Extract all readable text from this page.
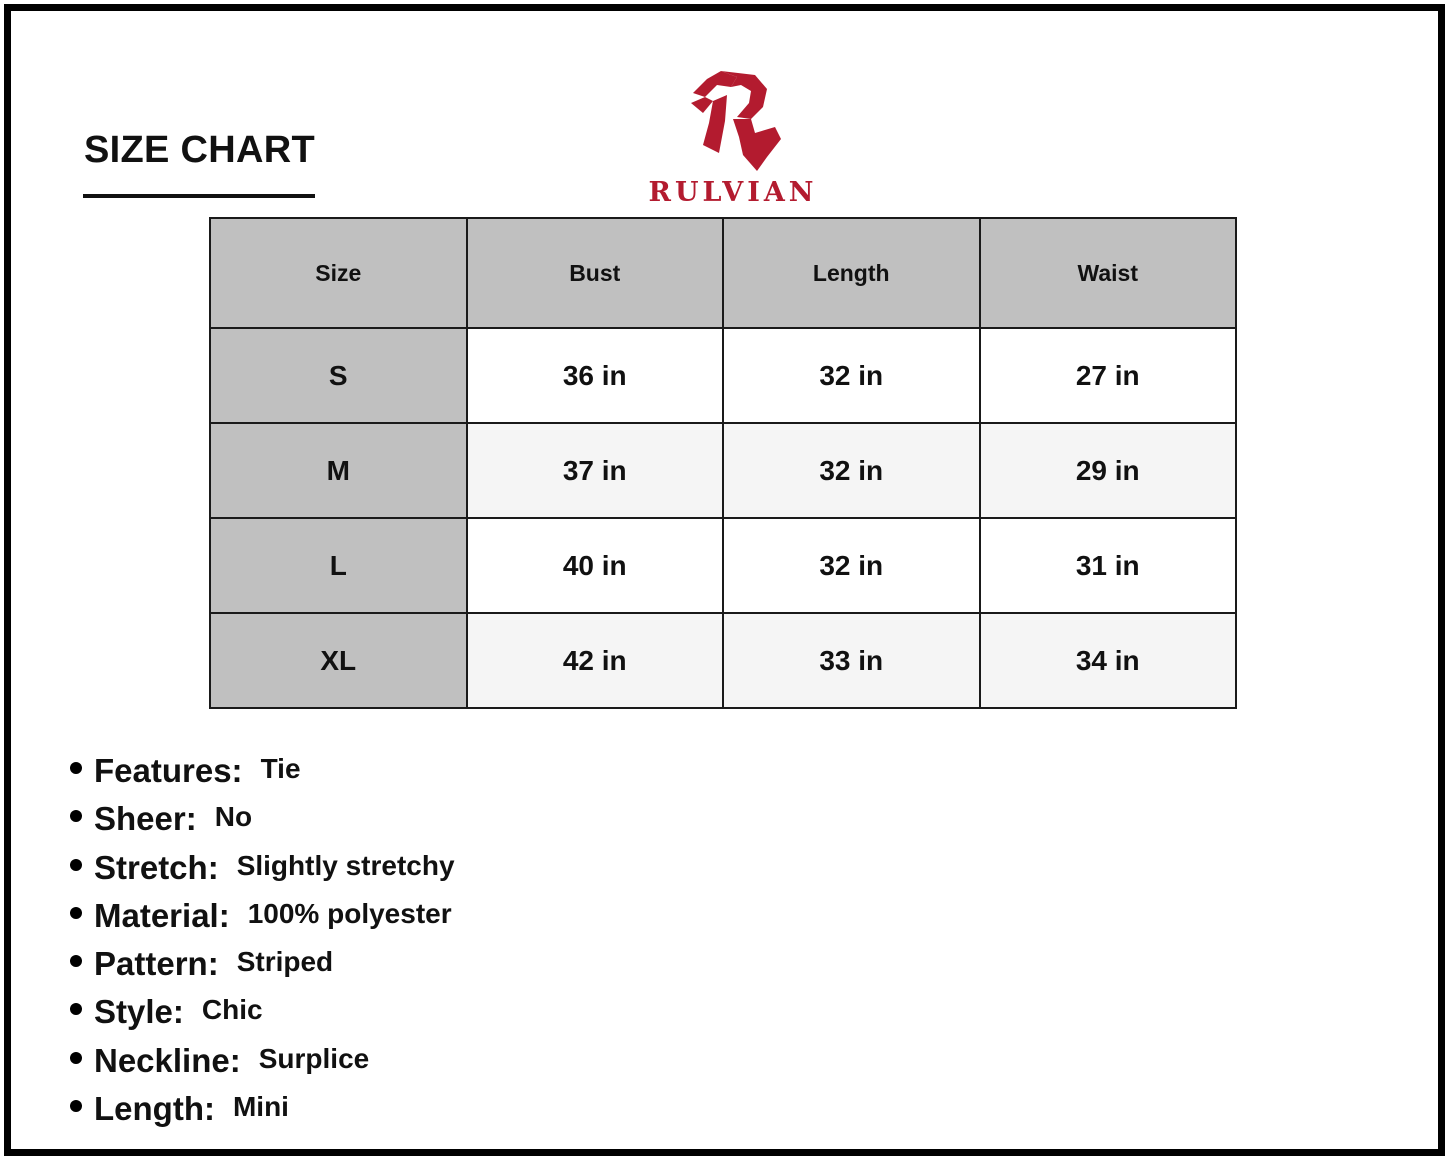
SIZE CHART
RULVIAN
Size	Bust	Length	Waist
S	36 in	32 in	27 in
M	37 in	32 in	29 in
L	40 in	32 in	31 in
XL	42 in	33 in	34 in
Features: Tie
Sheer: No
Stretch: Slightly stretchy
Material: 100% polyester
Pattern: Striped
Style: Chic
Neckline: Surplice
Length: Mini
